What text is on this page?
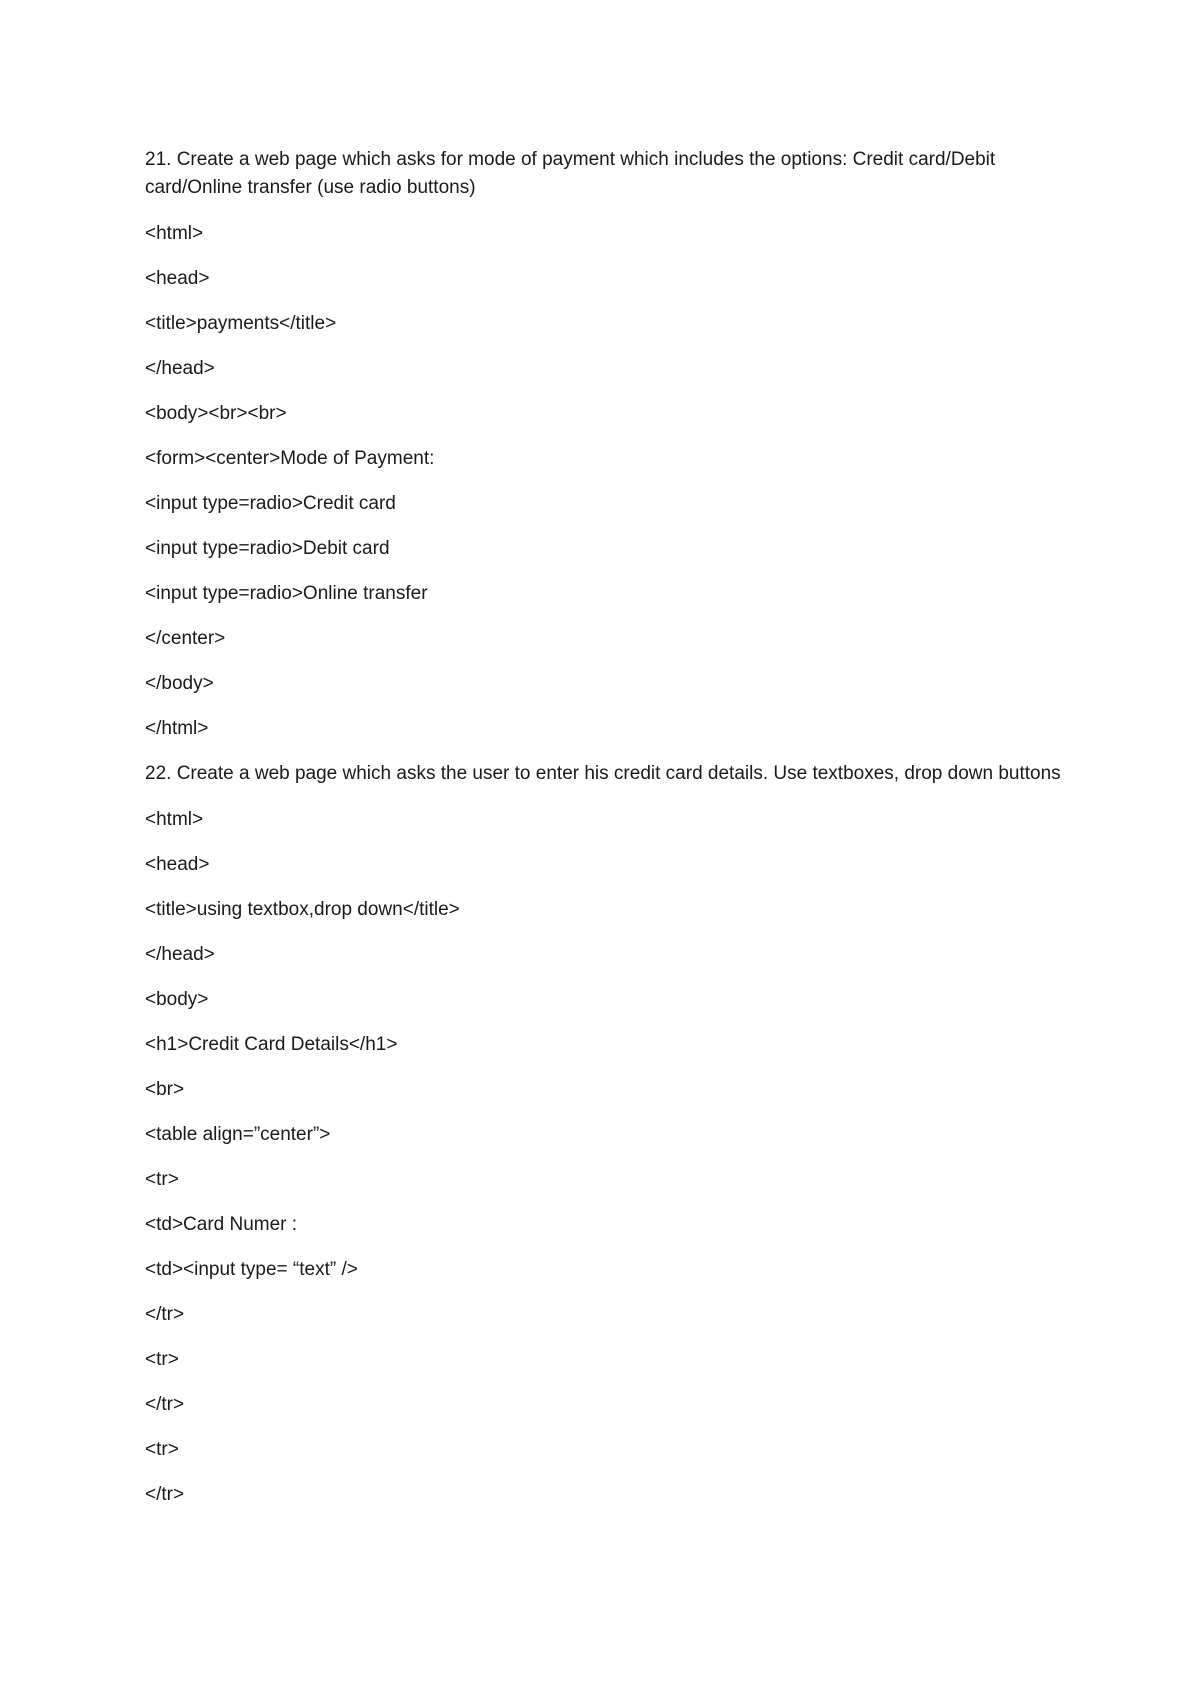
21. Create a web page which asks for mode of payment which includes the options: Credit card/Debit card/Online transfer (use radio buttons)

<html>

<head>

<title>payments</title>

</head>

<body><br><br>

<form><center>Mode of Payment:

<input type=radio>Credit card

<input type=radio>Debit card

<input type=radio>Online transfer

</center>

</body>

</html>

22. Create a web page which asks the user to enter his credit card details. Use textboxes, drop down buttons

<html>

<head>

<title>using textbox,drop down</title>

</head>

<body>

<h1>Credit Card Details</h1>

<br>

<table align=”center”>

<tr>

<td>Card Numer :

<td><input type= “text” />

</tr>

<tr>

</tr>

<tr>

</tr>
